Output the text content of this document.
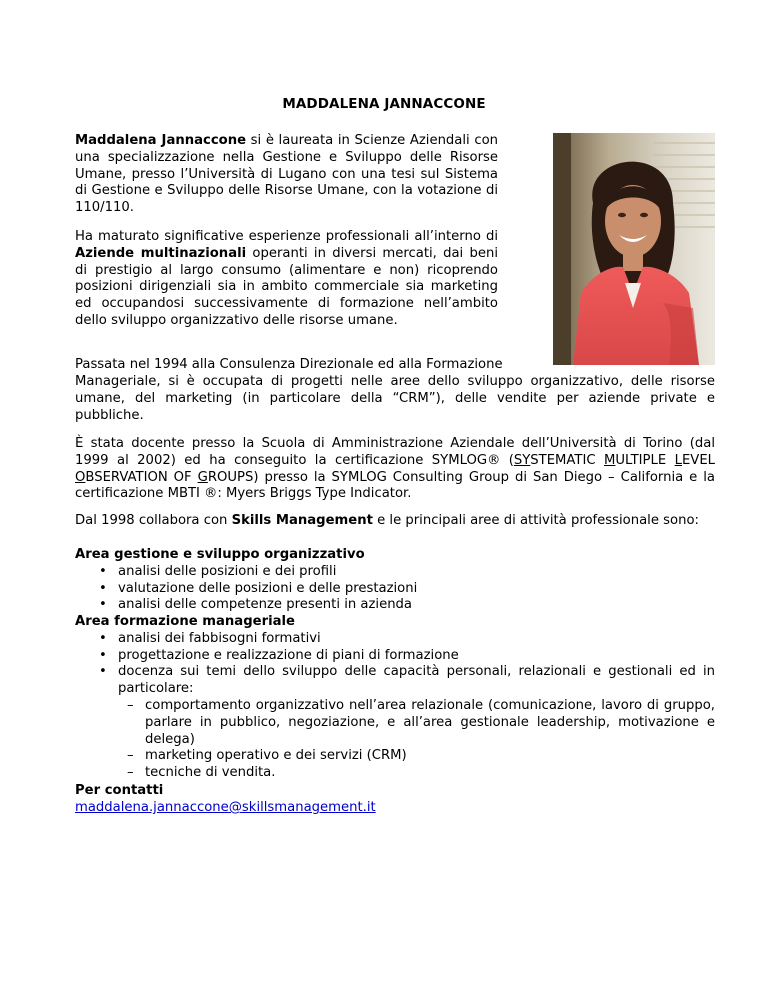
MADDALENA JANNACCONE

Maddalena Jannaccone si è laureata in Scienze Aziendali con una specializzazione nella Gestione e Sviluppo delle Risorse Umane, presso l’Università di Lugano con una tesi sul Sistema di Gestione e Sviluppo delle Risorse Umane, con la votazione di 110/110.

Ha maturato significative esperienze professionali all’interno di Aziende multinazionali operanti in diversi mercati, dai beni di prestigio al largo consumo (alimentare e non) ricoprendo posizioni dirigenziali sia in ambito commerciale sia marketing ed occupandosi successivamente di formazione nell’ambito dello sviluppo organizzativo delle risorse umane.

Passata nel 1994 alla Consulenza Direzionale ed alla Formazione

Manageriale, si è occupata di progetti nelle aree dello sviluppo organizzativo, delle risorse umane, del marketing (in particolare della “CRM”), delle vendite per aziende private e pubbliche.

È stata docente presso la Scuola di Amministrazione Aziendale dell’Università di Torino (dal 1999 al 2002) ed ha conseguito la certificazione SYMLOG® (SYSTEMATIC MULTIPLE LEVEL OBSERVATION OF GROUPS) presso la SYMLOG Consulting Group di San Diego – California e la certificazione MBTI ®: Myers Briggs Type Indicator.

Dal 1998 collabora con Skills Management e le principali aree di attività professionale sono:

Area gestione e sviluppo organizzativo
• analisi delle posizioni e dei profili
• valutazione delle posizioni e delle prestazioni
• analisi delle competenze presenti in azienda
Area formazione manageriale
• analisi dei fabbisogni formativi
• progettazione e realizzazione di piani di formazione
• docenza sui temi dello sviluppo delle capacità personali, relazionali e gestionali ed in particolare:
– comportamento organizzativo nell’area relazionale (comunicazione, lavoro di gruppo, parlare in pubblico, negoziazione, e all’area gestionale leadership, motivazione e delega)
– marketing operativo e dei servizi (CRM)
– tecniche di vendita.
Per contatti
maddalena.jannaccone@skillsmanagement.it
